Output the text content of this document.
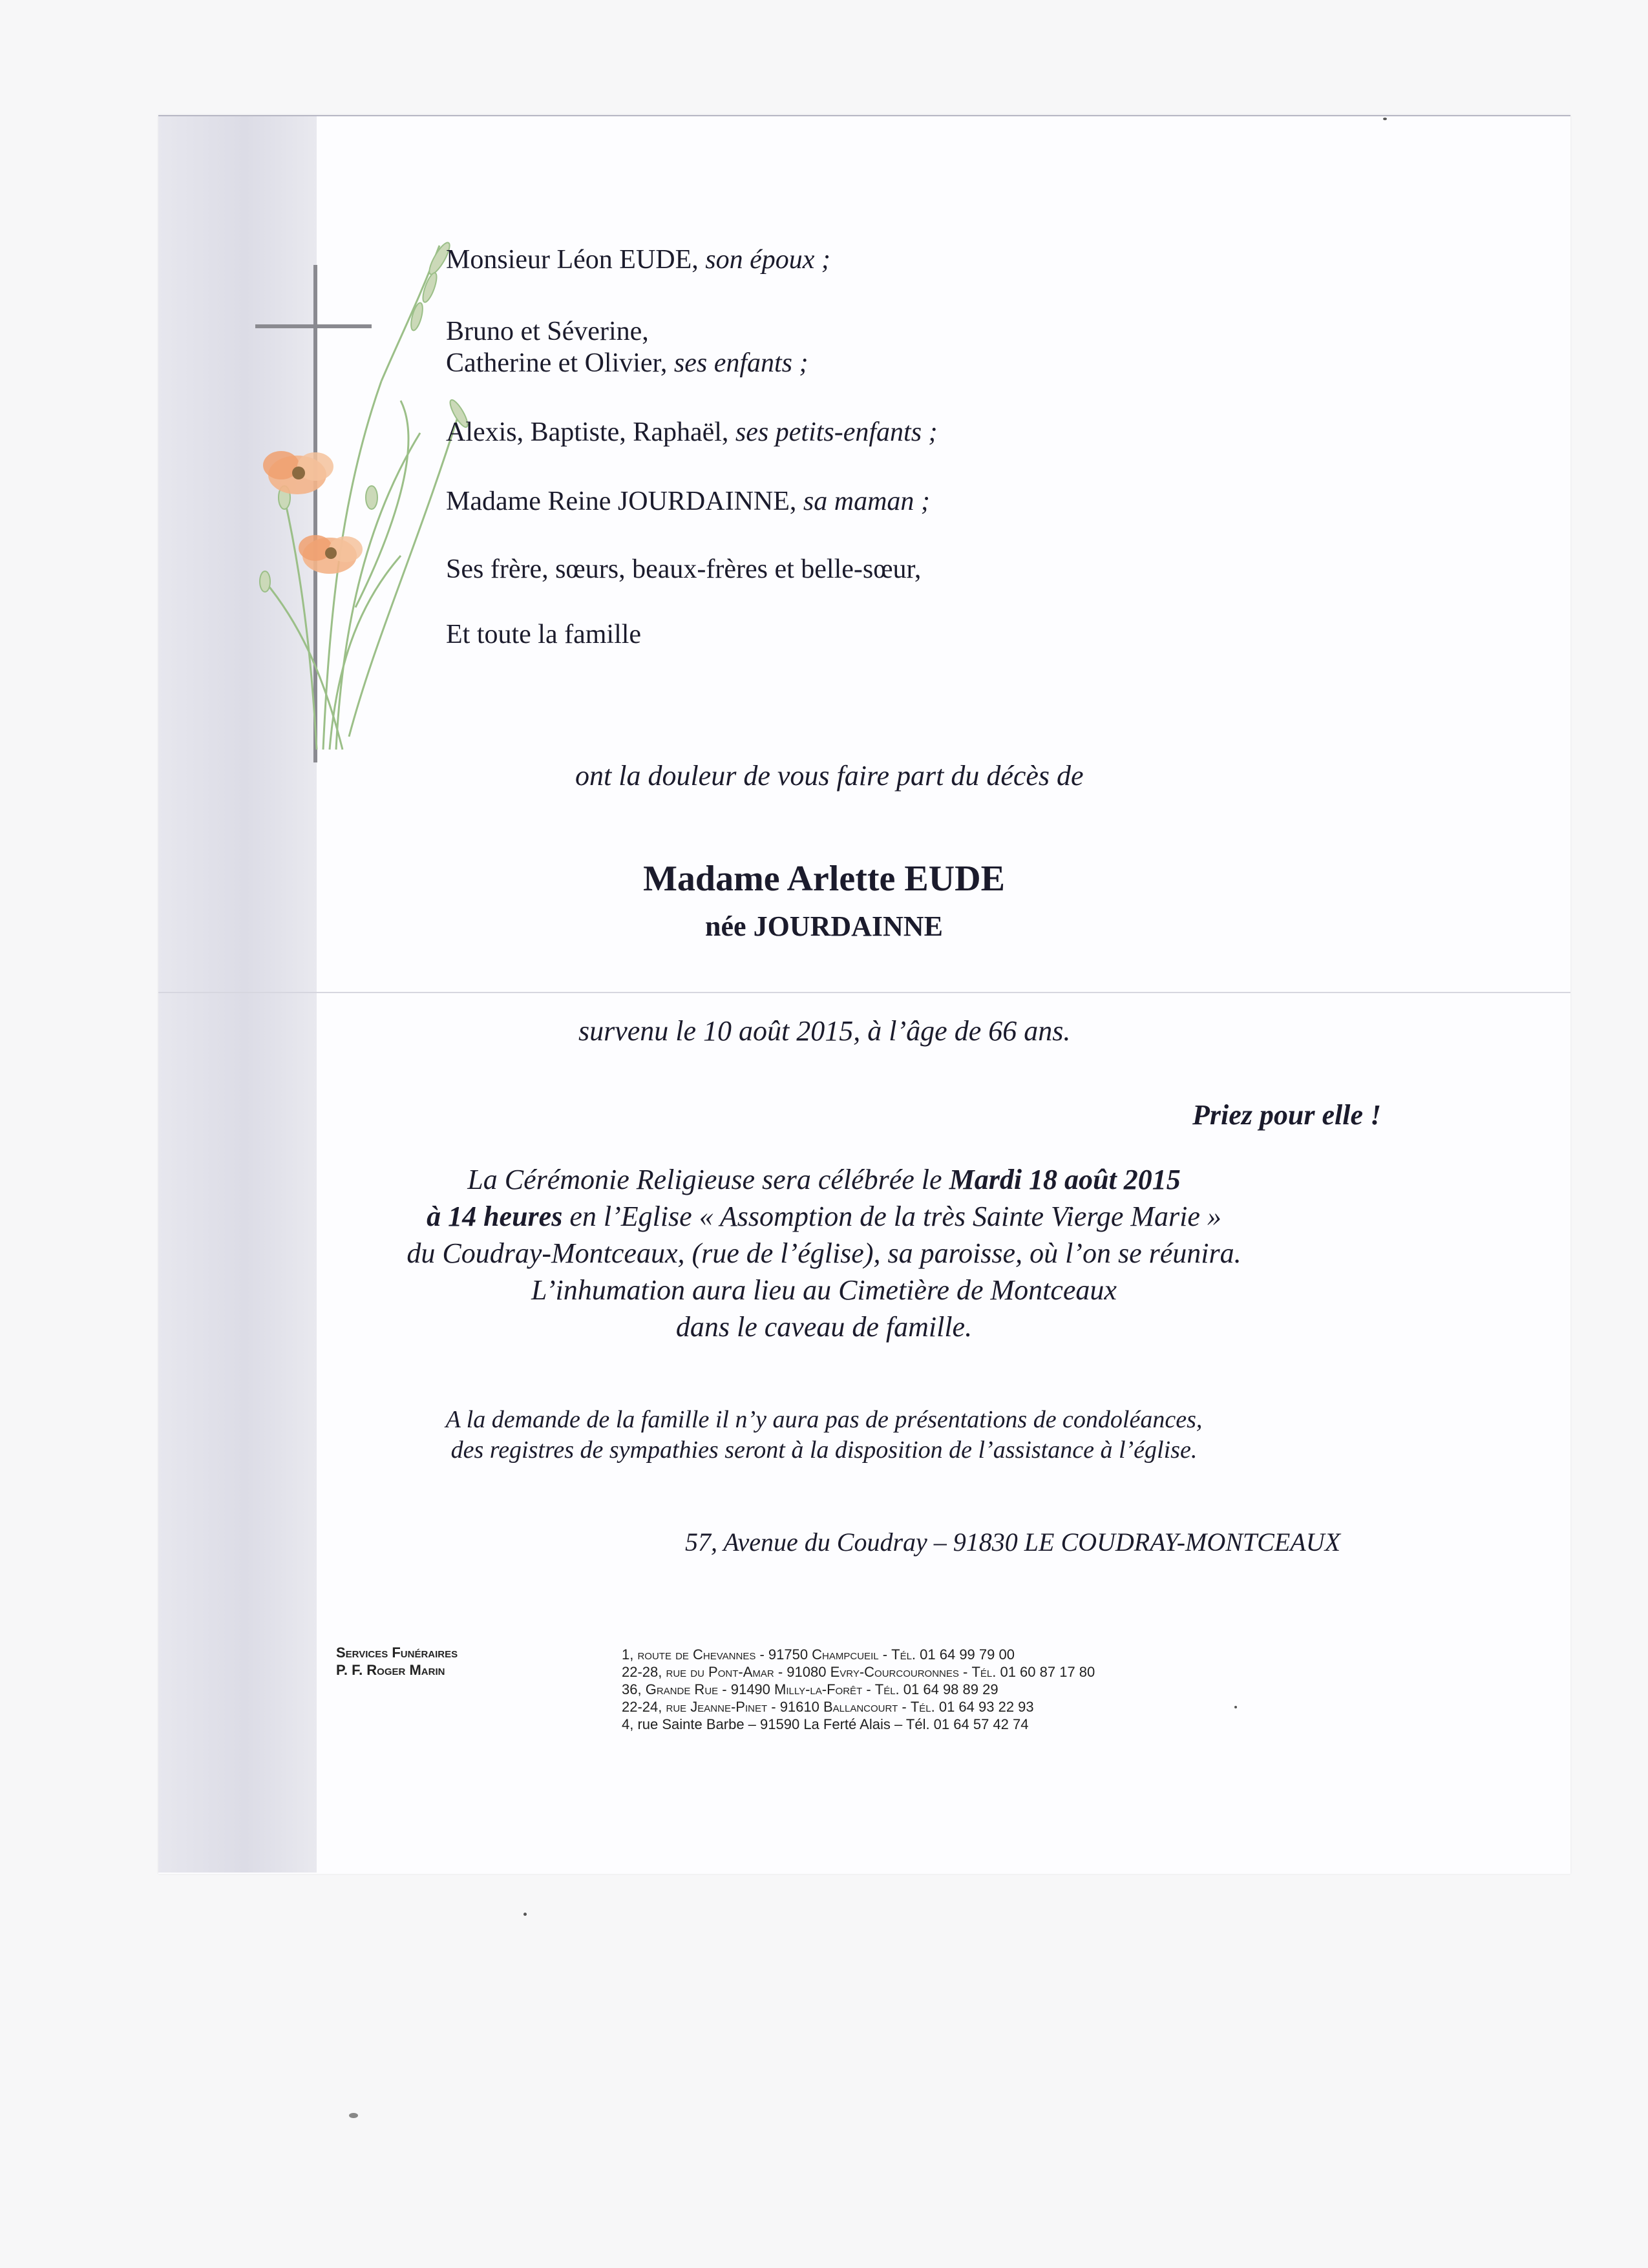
Monsieur Léon EUDE, son époux ;
Bruno et Séverine,
Catherine et Olivier, ses enfants ;
Alexis, Baptiste, Raphaël, ses petits-enfants ;
Madame Reine JOURDAINNE, sa maman ;
Ses frère, sœurs, beaux-frères et belle-sœur,
Et toute la famille
ont la douleur de vous faire part du décès de
Madame Arlette EUDE
née JOURDAINNE
survenu le 10 août 2015, à l’âge de 66 ans.
Priez pour elle !
La Cérémonie Religieuse sera célébrée le Mardi 18 août 2015
à 14 heures en l’Eglise « Assomption de la très Sainte Vierge Marie »
du Coudray-Montceaux, (rue de l’église), sa paroisse, où l’on se réunira.
L’inhumation aura lieu au Cimetière de Montceaux
dans le caveau de famille.
A la demande de la famille il n’y aura pas de présentations de condoléances,
des registres de sympathies seront à la disposition de l’assistance à l’église.
57, Avenue du Coudray – 91830 LE COUDRAY-MONTCEAUX
Services Funéraires
P. F. Roger Marin
1, route de Chevannes - 91750 Champcueil - Tél. 01 64 99 79 00
22-28, rue du Pont-Amar - 91080 Evry-Courcouronnes - Tél. 01 60 87 17 80
36, Grande Rue - 91490 Milly-la-Forêt - Tél. 01 64 98 89 29
22-24, rue Jeanne-Pinet - 91610 Ballancourt - Tél. 01 64 93 22 93
4, rue Sainte Barbe – 91590 La Ferté Alais – Tél. 01 64 57 42 74
